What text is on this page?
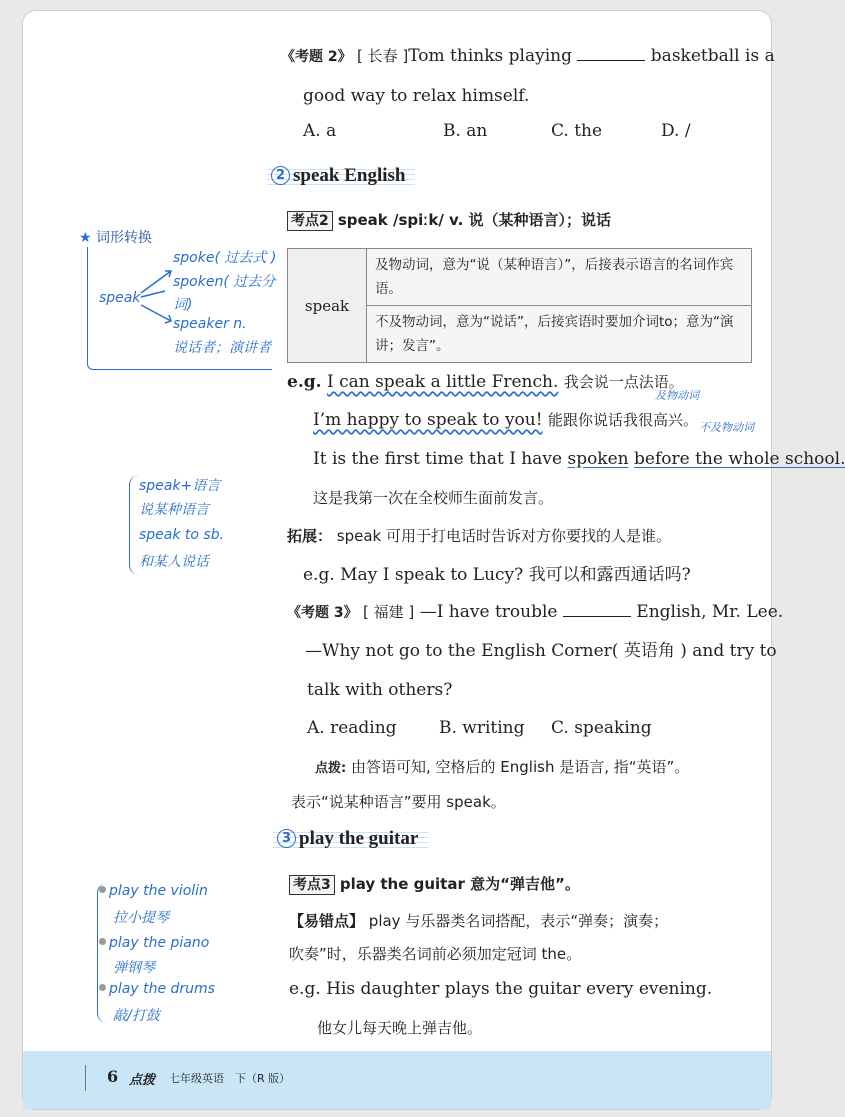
《考题 2》 [ 长春 ]Tom thinks playing	basketball is a
good way to relax himself.
A. a	B. an	C. the	D. /
2 speak English
考点2 speak /spiːk/ v. 说（某种语言）；说话
speak	及物动词，意为“说（某种语言）”，后接表示语言的名词作宾语。
不及物动词，意为“说话”，后接宾语时要加介词to；意为“演讲；发言”。
e.g. I can speak a little French. 我会说一点法语。
及物动词
I’m happy to speak to you! 能跟你说话我很高兴。 不及物动词
It is the first time that I have spoken before the whole school.
这是我第一次在全校师生面前发言。
拓展： speak 可用于打电话时告诉对方你要找的人是谁。
e.g. May I speak to Lucy? 我可以和露西通话吗?
《考题 3》 [ 福建 ] —I have trouble	English, Mr. Lee.
—Why not go to the English Corner( 英语角 ) and try to
talk with others?
A. reading B. writing C. speaking
点拨: 由答语可知, 空格后的 English 是语言, 指“英语”。
表示“说某种语言”要用 speak。
3 play the guitar
考点3 play the guitar 意为“弹吉他”。
【易错点】 play 与乐器类名词搭配，表示“弹奏；演奏；
吹奏”时，乐器类名词前必须加定冠词 the。
e.g. His daughter plays the guitar every evening.
他女儿每天晚上弹吉他。
★ 词形转换
speak
spoke( 过去式 )
spoken( 过去分
词)
speaker n.
说话者；演讲者
speak+语言
说某种语言
speak to sb.
和某人说话
play the violin
拉小提琴
play the piano
弹钢琴
play the drums
敲/打鼓
6 点拨 七年级英语　下（R 版）
